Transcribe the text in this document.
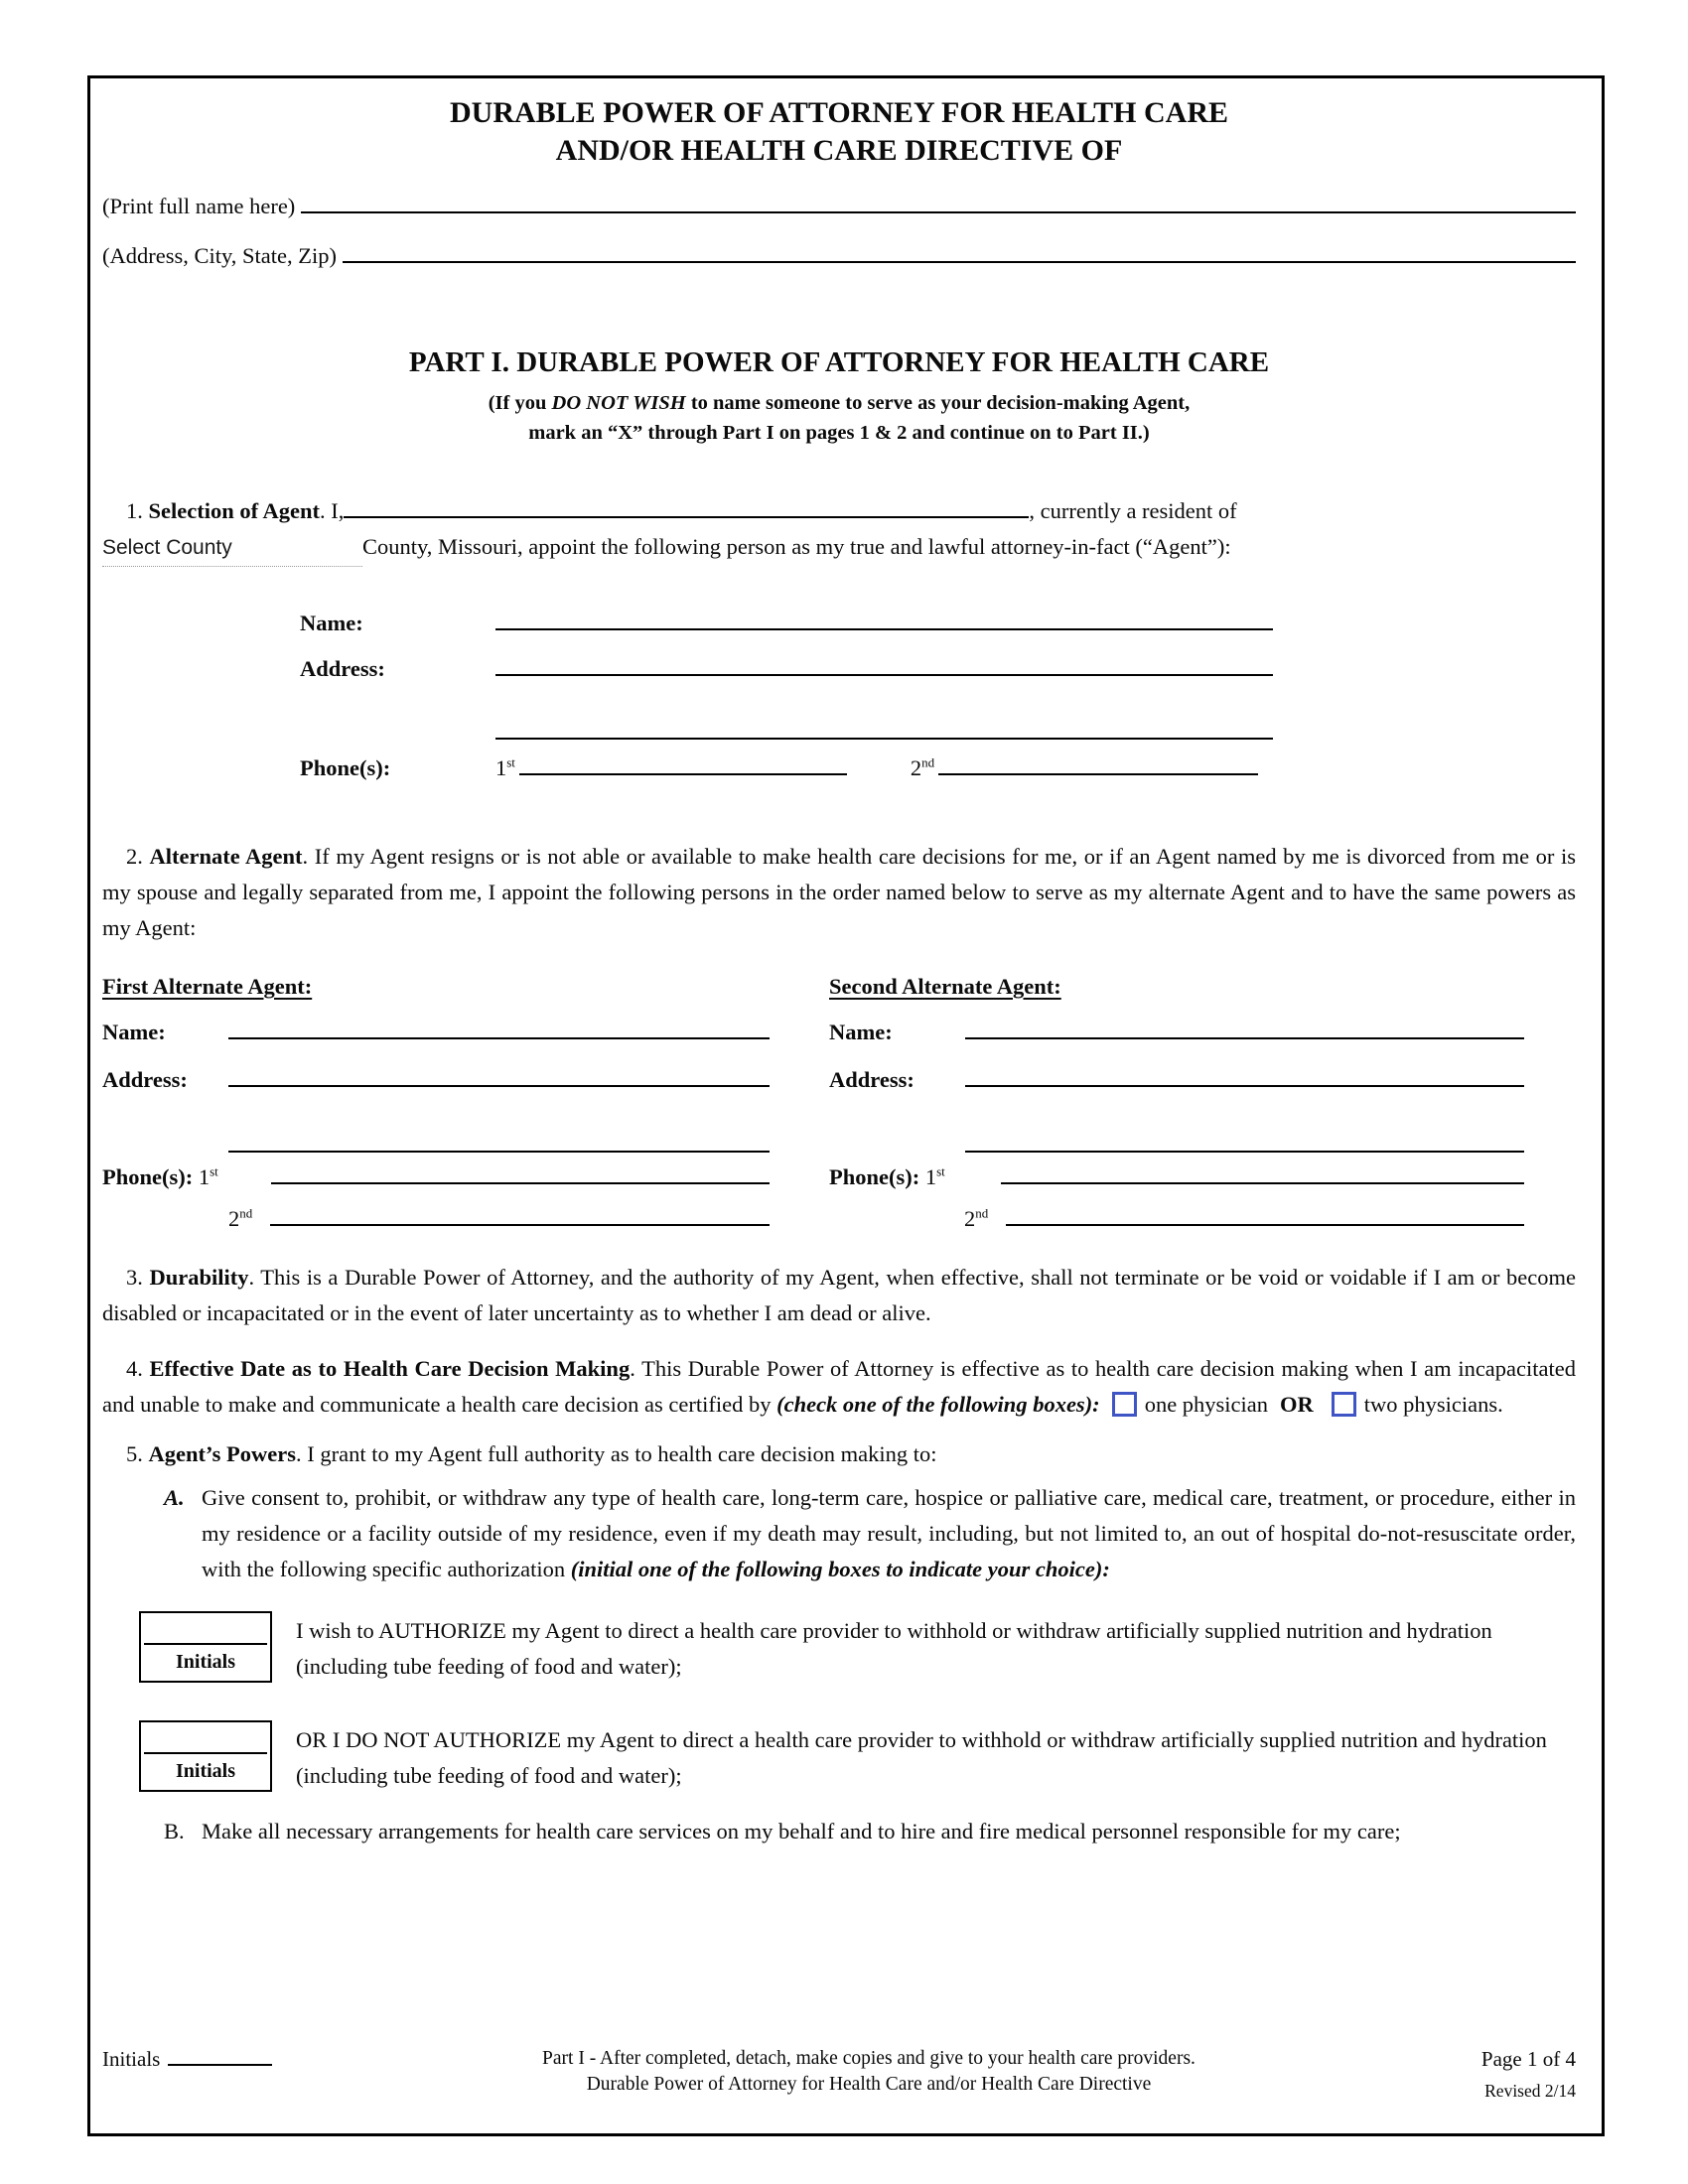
DURABLE POWER OF ATTORNEY FOR HEALTH CARE
AND/OR HEALTH CARE DIRECTIVE OF
(Print full name here)
(Address, City, State, Zip)
PART I. DURABLE POWER OF ATTORNEY FOR HEALTH CARE

(If you DO NOT WISH to name someone to serve as your decision-making Agent,

mark an “X” through Part I on pages 1 & 2 and continue on to Part II.)

1. Selection of Agent. I,	, currently a resident of
Select County	County, Missouri, appoint the following person as my true and lawful attorney-in-fact (“Agent”):
Name:
Address:
Phone(s):	1st	2nd

2. Alternate Agent. If my Agent resigns or is not able or available to make health care decisions for me, or if an Agent named by me is divorced from me or is my spouse and legally separated from me, I appoint the following persons in the order named below to serve as my alternate Agent and to have the same powers as my Agent:

First Alternate Agent:
Name:
Address:
Phone(s): 1st
2nd
Second Alternate Agent:
Name:
Address:
Phone(s): 1st
2nd

3. Durability. This is a Durable Power of Attorney, and the authority of my Agent, when effective, shall not terminate or be void or voidable if I am or become disabled or incapacitated or in the event of later uncertainty as to whether I am dead or alive.

4. Effective Date as to Health Care Decision Making. This Durable Power of Attorney is effective as to health care decision making when I am incapacitated and unable to make and communicate a health care decision as certified by (check one of the following boxes): one physician OR two physicians.

5. Agent’s Powers. I grant to my Agent full authority as to health care decision making to:

A. Give consent to, prohibit, or withdraw any type of health care, long-term care, hospice or palliative care, medical care, treatment, or procedure, either in my residence or a facility outside of my residence, even if my death may result, including, but not limited to, an out of hospital do-not-resuscitate order, with the following specific authorization (initial one of the following boxes to indicate your choice):
Initials
I wish to AUTHORIZE my Agent to direct a health care provider to withhold or withdraw artificially supplied nutrition and hydration (including tube feeding of food and water);
Initials
OR I DO NOT AUTHORIZE my Agent to direct a health care provider to withhold or withdraw artificially supplied nutrition and hydration (including tube feeding of food and water);
B. Make all necessary arrangements for health care services on my behalf and to hire and fire medical personnel responsible for my care;
Initials	Part I - After completed, detach, make copies and give to your health care providers.
Durable Power of Attorney for Health Care and/or Health Care Directive
Page 1 of 4
Revised 2/14
